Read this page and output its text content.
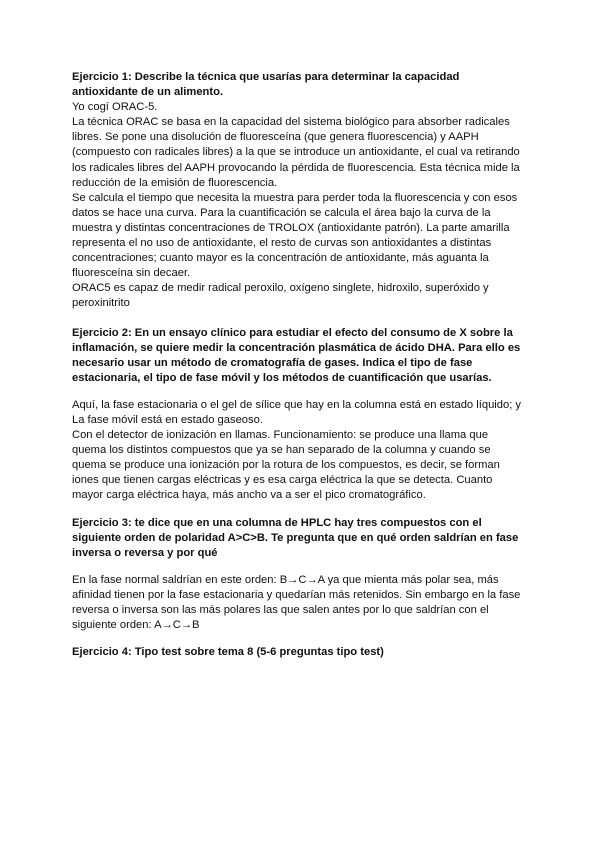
Ejercicio 1: Describe la técnica que usarías para determinar la capacidad antioxidante de un alimento.

Yo cogí ORAC-5.

La técnica ORAC se basa en la capacidad del sistema biológico para absorber radicales libres. Se pone una disolución de fluoresceína (que genera fluorescencia) y AAPH (compuesto con radicales libres) a la que se introduce un antioxidante, el cual va retirando los radicales libres del AAPH provocando la pérdida de fluorescencia. Esta técnica mide la reducción de la emisión de fluorescencia.

Se calcula el tiempo que necesita la muestra para perder toda la fluorescencia y con esos datos se hace una curva. Para la cuantificación se calcula el área bajo la curva de la muestra y distintas concentraciones de TROLOX (antioxidante patrón). La parte amarilla representa el no uso de antioxidante, el resto de curvas son antioxidantes a distintas concentraciones; cuanto mayor es la concentración de antioxidante, más aguanta la fluoresceína sin decaer.

ORAC5 es capaz de medir radical peroxilo, oxígeno singlete, hidroxilo, superóxido y peroxinitrito

Ejercicio 2: En un ensayo clínico para estudiar el efecto del consumo de X sobre la inflamación, se quiere medir la concentración plasmática de ácido DHA. Para ello es necesario usar un método de cromatografía de gases. Indica el tipo de fase estacionaria, el tipo de fase móvil y los métodos de cuantificación que usarías.

Aquí, la fase estacionaria o el gel de sílice que hay en la columna está en estado líquido; y La fase móvil está en estado gaseoso.

Con el detector de ionización en llamas. Funcionamiento: se produce una llama que quema los distintos compuestos que ya se han separado de la columna y cuando se quema se produce una ionización por la rotura de los compuestos, es decir, se forman iones que tienen cargas eléctricas y es esa carga eléctrica la que se detecta. Cuanto mayor carga eléctrica haya, más ancho va a ser el pico cromatográfico.

Ejercicio 3: te dice que en una columna de HPLC hay tres compuestos con el siguiente orden de polaridad A>C>B. Te pregunta que en qué orden saldrían en fase inversa o reversa y por qué

En la fase normal saldrían en este orden: B→C→A ya que mienta más polar sea, más afinidad tienen por la fase estacionaria y quedarían más retenidos. Sin embargo en la fase reversa o inversa son las más polares las que salen antes por lo que saldrían con el siguiente orden: A→C→B

Ejercicio 4: Tipo test sobre tema 8 (5-6 preguntas tipo test)
